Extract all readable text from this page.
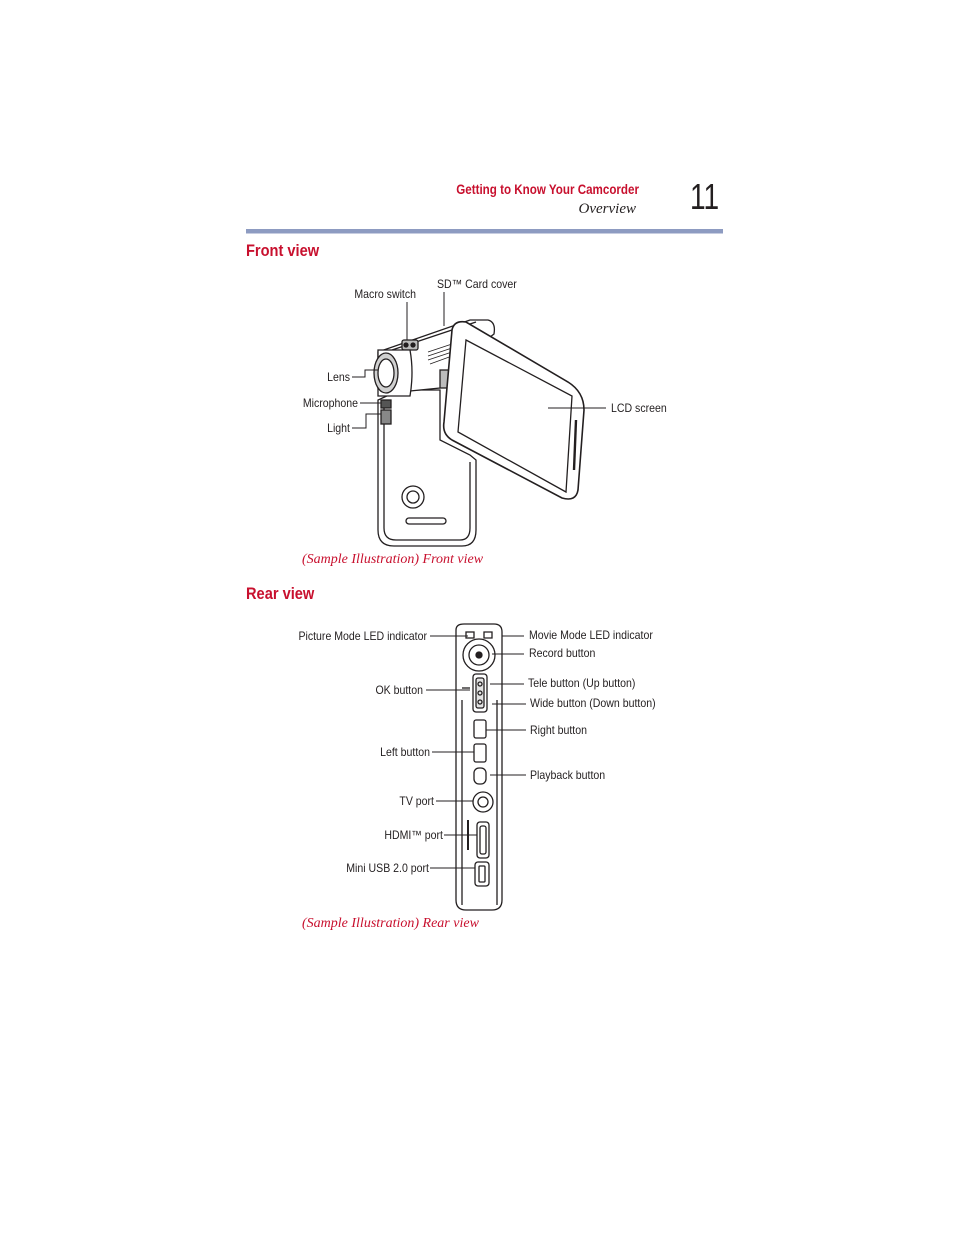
Getting to Know Your Camcorder
Overview 11
Front view
Macro switch
SD™ Card cover
Lens
Microphone
Light
LCD screen
(Sample Illustration) Front view
Rear view
Picture Mode LED indicator	Movie Mode LED indicator
Record button
OK button	Tele button (Up button)
Wide button (Down button)
Right button
Left button
Playback button
TV port
HDMI™ port
Mini USB 2.0 port
(Sample Illustration) Rear view
